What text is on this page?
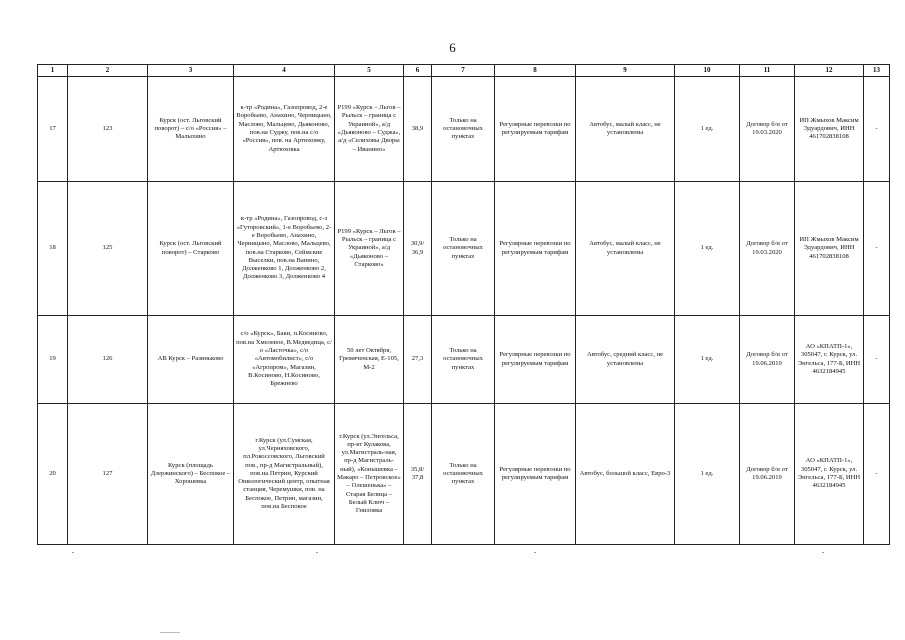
6
1	2	3	4	5	6	7	8	9	10	11	12	13
17	123	Курск (ост. Льговский поворот) – с/о «Россия» – Малыхино	к-тр «Родина», Газопровод, 2-е Воробьево, Анахино, Черницыно, Маслово, Мальцево, Дьяконово, пов.на Суджу, пов.на с/о «Россия», пов. на Артюховку, Артюховка	Р199 «Курск – Льгов – Рыльск – граница с Украиной», а/д «Дьяконово – Суджа», а/д «Селиховы Дворы – Иванино»	38,9	Только на остановочных пунктах	Регулярные перевозки по регулируемым тарифам	Автобус, малый класс, не установлены	1 ед.	Договор б/н от 19.03.2020	ИП Жмыхов Максим Эдуардович, ИНН 461702838108	-
18	125	Курск (ост. Льговский поворот) – Старково	к-тр «Родина», Газопровод, с-з «Гуторовский», 1-е Воробьево, 2-е Воробьево, Анахино, Черницыно, Маслово, Мальцево, пов.на Старково, Сеймские Выселки, пов.на Ванино, Долженково 1, Долженково 2, Долженково 3, Долженково 4	Р199 «Курск – Льгов – Рыльск – граница с Украиной», а/д «Дьяконово – Старково»	30,9/ 36,9	Только на остановочных пунктах	Регулярные перевозки по регулируемым тарифам	Автобус, малый класс, не установлены	1 ед.	Договор б/н от 19.03.2020	ИП Жмыхов Максим Эдуардович, ИНН 461702838108	-
19	126	АВ Курск – Разиньково	с/о «Курск», Баки, п.Косиново, пов.на Хмелевое, В.Медведица, с/о «Ласточка», с/о «Автомобилист», с/о «Агропром», Магазин, В.Косиново, Н.Косиново, Брежнево	50 лет Октября, Гремяченская, Е-105, М-2	27,3	Только на остановочных пунктах	Регулярные перевозки по регулируемым тарифам	Автобус, средний класс, не установлены	1 ед.	Договор б/н от 19.06.2019	АО «КПАТП-1», 305047, г. Курск, ул. Энгельса, 177-Б, ИНН 4632184945	-
20	127	Курск (площадь Дзержинского) – Беспокое – Хорошевка	г.Курск (ул.Сумская, ул.Черняховского, пл.Рокоссовского, Льговский пов., пр-д Магистральный), пов.на Петрин, Курский Онкологический центр, опытная станция, Черемушки, пов. на Беспокое, Петрин, магазин, пов.на Беспокое	г.Курск (ул.Энгельса, пр-кт Кулакова, ул.Магистраль-ная, пр-д Магистраль-ный), «Конышевка – Макаро – Петровское» – Олешенька» – Старая Белица – Белый Ключ – Гниловка	35,8/ 37,8	Только на остановочных пунктах	Регулярные перевозки по регулируемым тарифам	Автобус, большой класс, Евро-3	1 ед.	Договор б/н от 19.06.2019	АО «КПАТП-1», 305047, г. Курск, ул. Энгельса, 177-Б, ИНН 4632184945	-
